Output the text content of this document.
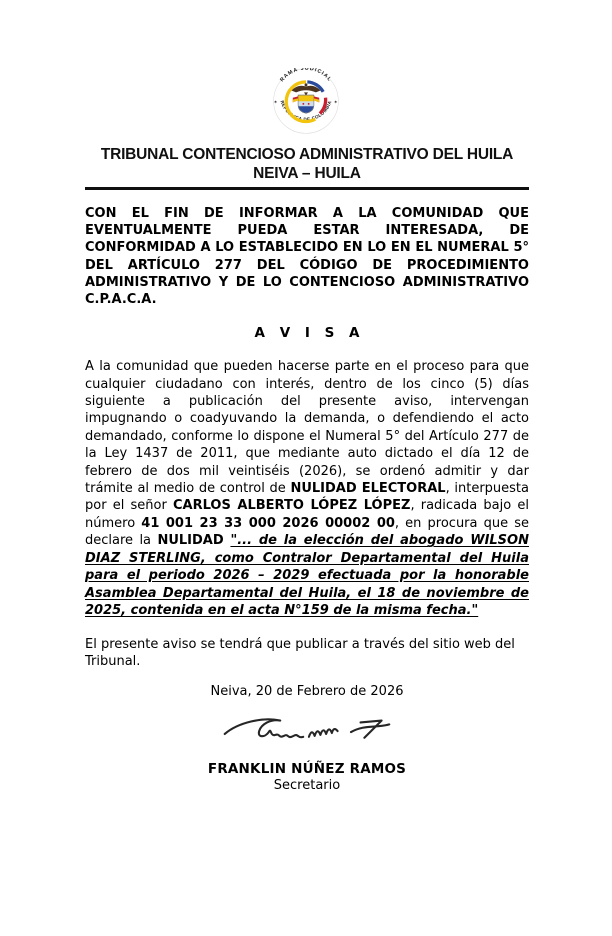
RAMA JUDICIAL
REPÚBLICA DE COLOMBIA
✶	✶
TRIBUNAL CONTENCIOSO ADMINISTRATIVO DEL HUILA
NEIVA – HUILA

CON EL FIN DE INFORMAR A LA COMUNIDAD QUE EVENTUALMENTE PUEDA ESTAR INTERESADA, DE CONFORMIDAD A LO ESTABLECIDO EN LO EN EL NUMERAL 5° DEL ARTÍCULO 277 DEL CÓDIGO DE PROCEDIMIENTO ADMINISTRATIVO Y DE LO CONTENCIOSO ADMINISTRATIVO C.P.A.C.A.

A V I S A

A la comunidad que pueden hacerse parte en el proceso para que cualquier ciudadano con interés, dentro de los cinco (5) días siguiente a publicación del presente aviso, intervengan impugnando o coadyuvando la demanda, o defendiendo el acto demandado, conforme lo dispone el Numeral 5° del Artículo 277 de la Ley 1437 de 2011, que mediante auto dictado el día 12 de febrero de dos mil veintiséis (2026), se ordenó admitir y dar trámite al medio de control de NULIDAD ELECTORAL, interpuesta por el señor CARLOS ALBERTO LÓPEZ LÓPEZ, radicada bajo el número 41 001 23 33 000 2026 00002 00, en procura que se declare la NULIDAD "... de la elección del abogado WILSON DIAZ STERLING, como Contralor Departamental del Huila para el periodo 2026 – 2029 efectuada por la honorable Asamblea Departamental del Huila, el 18 de noviembre de 2025, contenida en el acta N°159 de la misma fecha."

El presente aviso se tendrá que publicar a través del sitio web del Tribunal.

Neiva, 20 de Febrero de 2026

FRANKLIN NÚÑEZ RAMOS
Secretario
